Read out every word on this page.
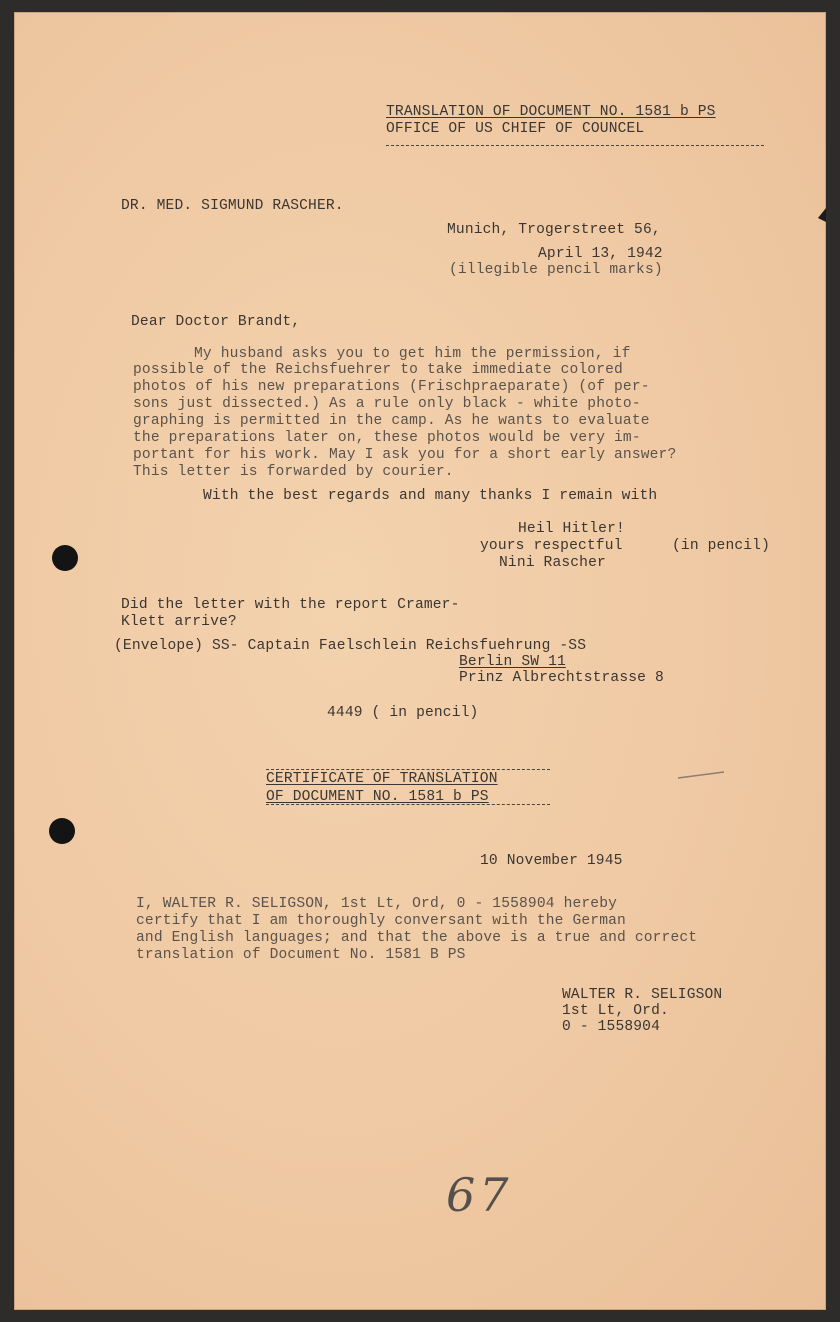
TRANSLATION OF DOCUMENT NO. 1581 b PS
OFFICE OF US CHIEF OF COUNCEL
DR. MED. SIGMUND RASCHER.
Munich, Trogerstreet 56,
April 13, 1942
(illegible pencil marks)
Dear Doctor Brandt,
My husband asks you to get him the permission, if
possible of the Reichsfuehrer to take immediate colored
photos of his new preparations (Frischpraeparate) (of per-
sons just dissected.) As a rule only black - white photo-
graphing is permitted in the camp. As he wants to evaluate
the preparations later on, these photos would be very im-
portant for his work. May I ask you for a short early answer?
This letter is forwarded by courier.
With the best regards and many thanks I remain with
Heil Hitler!
yours respectful	(in pencil)
Nini Rascher
Did the letter with the report Cramer-
Klett arrive?
(Envelope) SS- Captain Faelschlein Reichsfuehrung -SS
Berlin SW 11
Prinz Albrechtstrasse 8
4449 ( in pencil)
CERTIFICATE OF TRANSLATION
OF DOCUMENT NO. 1581 b PS
10 November 1945
I, WALTER R. SELIGSON, 1st Lt, Ord, 0 - 1558904 hereby
certify that I am thoroughly conversant with the German
and English languages; and that the above is a true and correct
translation of Document No. 1581 B PS
WALTER R. SELIGSON
1st Lt, Ord.
0 - 1558904
67
